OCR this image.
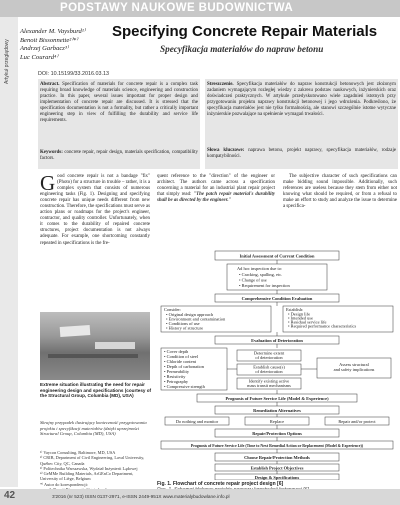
PODSTAWY NAUKOWE BUDOWNICTWA
Artykuł przeglądowy
Alexander M. Vaysburd¹⁾
Benoit Bissonnette²⁾*⁾
Andrzej Garbacz³⁾
Luc Courard⁴⁾
Specifying Concrete Repair Materials
Specyfikacja materiałów do napraw betonu
DOI: 10.15199/33.2016.03.13
Abstract. Specification of materials for concrete repair is a complex task requiring broad knowledge of materials science, engineering and construction practice. In this paper, several issues important for proper design and implementation of concrete repair are discussed. It is stressed that the specification documentation is not a formality, but rather a critically important engineering step in view of fulfilling the durability and service life requirements.
Keywords: concrete repair, repair design, materials specification, compatibility factors.
Streszczenie. Specyfikacja materiałów do napraw konstrukcji betonowych jest złożonym zadaniem wymagającym rozległej wiedzy z zakresu podstaw naukowych, inżynierskich oraz doświadczeń praktycznych. W artykule przedyskutowano wiele zagadnień istotnych przy przygotowaniu projektu naprawy konstrukcji betonowej i jego wdrożenia. Podkreślono, że specyfikacja materiałów jest nie tylko formalnością, ale stanowi szczególnie istotne wytyczne inżynierskie pozwalające na spełnienie wymagań trwałości.
Słowa kluczowe: naprawa betonu, projekt naprawy, specyfikacja materiałów, rodzaje kompatybilności.
Good concrete repair is not a bandage "fix" (Photo) for a structure in trouble – rather, it is a complex system that consists of numerous engineering tasks (Fig. 1). Designing and specifying concrete repair has unique needs different from new construction. Therefore, the specifications must serve as action plans or roadmaps for the project's engineer, contractor, and quality controller. Unfortunately, when it comes to the durability of repaired concrete structures, project documentation is not always adequate. For example, one shortcoming constantly repeated in specifications is the fre-
quent reference to the "direction" of the engineer or architect. The authors came across a specification concerning a material for an industrial plant repair project that simply read: "The patch repair material's durability shall be as directed by the engineer."
The subjective character of such specifications can make bidding sound impossible. Additionally, such references are useless because they stem from either not knowing what should be required, or from a refusal to make an effort to study and analyze the issue to determine a specifica-
Extreme situation illustrating the need for repair engineering design and specifications (courtesy of the Structural Group, Columbia (MD), USA)
Skrajny przypadek ilustrujący konieczność przygotowania projektu i specyfikacji materiałów (dzięki uprzejmości Structural Group, Columbia (MD), USA)
¹⁾ Vaycon Consulting, Baltimore, MD, USA
²⁾ CRIB, Department of Civil Engineering, Laval University, Québec City, QC, Canada
³⁾ Politechnika Warszawska, Wydział Inżynierii Lądowej
⁴⁾ GeMMe Building Materials, ArGEnCo Department, University of Liège, Belgium
*⁾ Autor do korespondencji:
Initial Assessment of Current Condition
Ad hoc inspection due to:
• Cracking, spalling, etc.
• Change of use
• Requirement for inspection
Comprehensive Condition Evaluation
Consider:
• Original design approach
• Environment and contamination
• Conditions of use
• History of structure
Establish:
• Design life
• Intended use
• Residual service life
• Required performance characteristics
Evaluation of Deterioration
• Cover depth
• Condition of steel
• Chloride content
• Depth of carbonation
• Permeability
• Resistivity
• Petrography
• Compressive strength
Determine extent
of deterioration
Establish cause(s)
of deterioration
Identify existing active
mass transit mechanisms
Assess structural
and safety implications
Prognosis of Future Service Life (Model & Experience)
Remediation Alternatives
Do nothing and monitor	Replace	Repair and/or protect
Repair/Protection Options
Prognosis of Future Service Life (Time to Next Remedial Action or Replacement (Model & Experience))
Choose Repair/Protection Methods
Establish Project Objectives
Design & Specifications
Fig. 1. Flowchart of concrete repair project design [6]

42	3'2016 (nr 523) ISSN 0137-2971, e-ISSN 2449-951X www.materialybudowlane.info.pl
